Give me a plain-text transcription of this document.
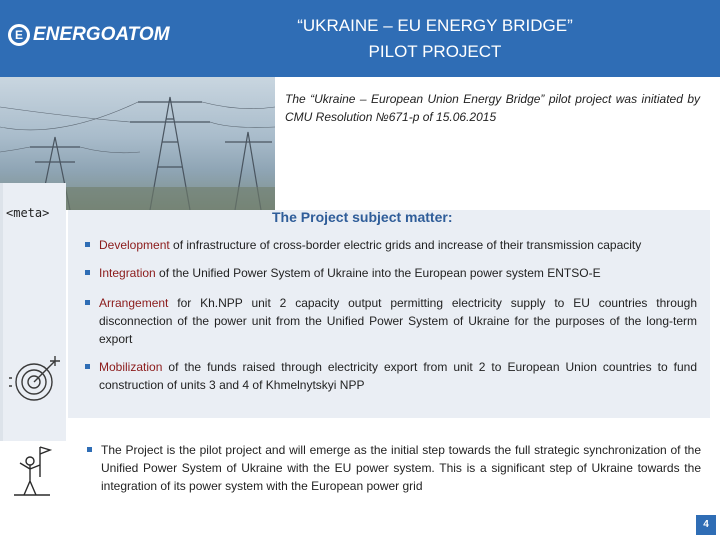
E ENERGOATOM	“UKRAINE – EU ENERGY BRIDGE”
PILOT PROJECT
The “Ukraine – European Union Energy Bridge” pilot project was initiated by CMU Resolution №671-р of 15.06.2015
<meta>	The Project subject matter:
Development of infrastructure of cross-border electric grids and increase of their transmission capacity
Integration of the Unified Power System of Ukraine into the European power system ENTSO-E
Arrangement for Kh.NPP unit 2 capacity output permitting electricity supply to EU countries through disconnection of the power unit from the Unified Power System of Ukraine for the purposes of the long-term export
Mobilization of the funds raised through electricity export from unit 2 to European Union countries to fund construction of units 3 and 4 of Khmelnytskyi NPP
The Project is the pilot project and will emerge as the initial step towards the full strategic synchronization of the Unified Power System of Ukraine with the EU power system. This is a significant step of Ukraine towards the integration of its power system with the European power grid
4
